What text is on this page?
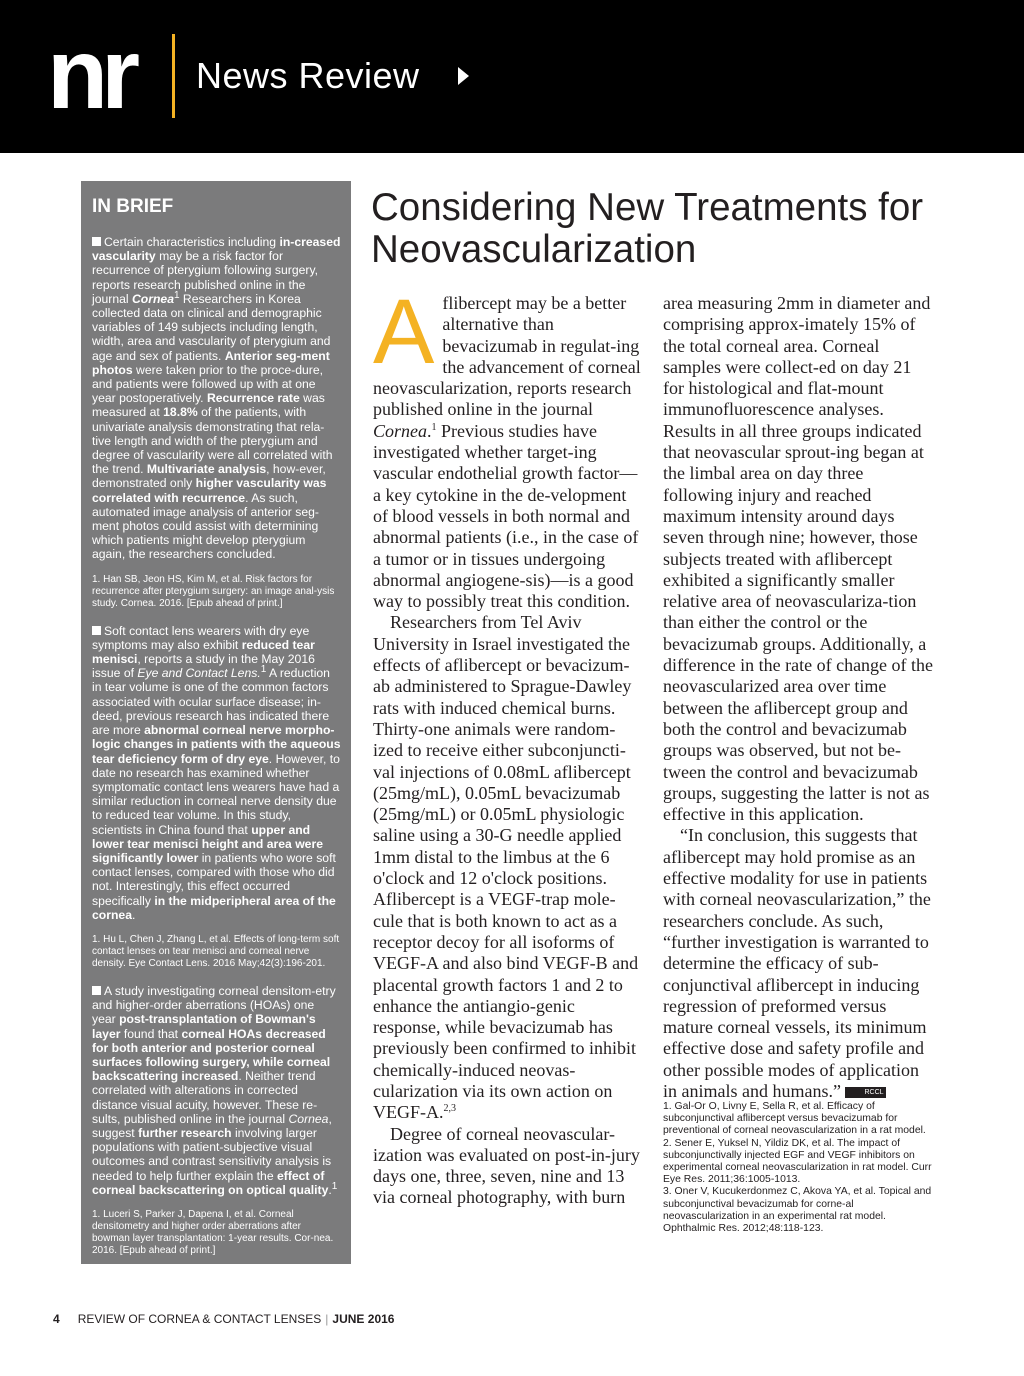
nr News Review
IN BRIEF

Certain characteristics including in-creased vascularity may be a risk factor for recurrence of pterygium following surgery, reports research published online in the journal Cornea$^1$ Researchers in Korea collected data on clinical and demographic variables of 149 subjects including length, width, area and vascularity of pterygium and age and sex of patients. Anterior seg-ment photos were taken prior to the proce-dure, and patients were followed up with at one year postoperatively. Recurrence rate was measured at 18.8% of the patients, with univariate analysis demonstrating that rela-tive length and width of the pterygium and degree of vascularity were all correlated with the trend. Multivariate analysis, how-ever, demonstrated only higher vascularity was correlated with recurrence. As such, automated image analysis of anterior seg-ment photos could assist with determining which patients might develop pterygium again, the researchers concluded.

1. Han SB, Jeon HS, Kim M, et al. Risk factors for recurrence after pterygium surgery: an image anal-ysis study. Cornea. 2016. [Epub ahead of print.]

Soft contact lens wearers with dry eye symptoms may also exhibit reduced tear menisci, reports a study in the May 2016 issue of Eye and Contact Lens.$^1$ A reduction in tear volume is one of the common factors associated with ocular surface disease; in-deed, previous research has indicated there are more abnormal corneal nerve morpho-logic changes in patients with the aqueous tear deficiency form of dry eye. However, to date no research has examined whether symptomatic contact lens wearers have had a similar reduction in corneal nerve density due to reduced tear volume. In this study, scientists in China found that upper and lower tear menisci height and area were significantly lower in patients who wore soft contact lenses, compared with those who did not. Interestingly, this effect occurred specifically in the midperipheral area of the cornea.

1. Hu L, Chen J, Zhang L, et al. Effects of long-term soft contact lenses on tear menisci and corneal nerve density. Eye Contact Lens. 2016 May;42(3):196-201.

A study investigating corneal densitom-etry and higher-order aberrations (HOAs) one year post-transplantation of Bowman's layer found that corneal HOAs decreased for both anterior and posterior corneal surfaces following surgery, while corneal backscattering increased. Neither trend correlated with alterations in corrected distance visual acuity, however. These re-sults, published online in the journal Cornea, suggest further research involving larger populations with patient-subjective visual outcomes and contrast sensitivity analysis is needed to help further explain the effect of corneal backscattering on optical quality.$^1$

1. Luceri S, Parker J, Dapena I, et al. Corneal densitometry and higher order aberrations after bowman layer transplantation: 1-year results. Cor-nea. 2016. [Epub ahead of print.]

Considering New Treatments for Neovascularization

Aflibercept may be a better alternative than bevacizumab in regulat-ing the advancement of corneal neovascularization, reports research published online in the journal Cornea.$^1$ Previous studies have investigated whether target-ing vascular endothelial growth factor—a key cytokine in the de-velopment of blood vessels in both normal and abnormal patients (i.e., in the case of a tumor or in tissues undergoing abnormal angiogene-sis)—is a good way to possibly treat this condition.

Researchers from Tel Aviv University in Israel investigated the effects of aflibercept or bevacizum-ab administered to Sprague-Dawley rats with induced chemical burns. Thirty-one animals were random-ized to receive either subconjuncti-val injections of 0.08mL aflibercept (25mg/mL), 0.05mL bevacizumab (25mg/mL) or 0.05mL physiologic saline using a 30-G needle applied 1mm distal to the limbus at the 6 o'clock and 12 o'clock positions. Aflibercept is a VEGF-trap mole-cule that is both known to act as a receptor decoy for all isoforms of VEGF-A and also bind VEGF-B and placental growth factors 1 and 2 to enhance the antiangio-genic response, while bevacizumab has previously been confirmed to inhibit chemically-induced neovas-cularization via its own action on VEGF-A.$^{2,3}$

Degree of corneal neovascular-ization was evaluated on post-in-jury days one, three, seven, nine and 13 via corneal photography, with burn

area measuring 2mm in diameter and comprising approx-imately 15% of the total corneal area. Corneal samples were collect-ed on day 21 for histological and flat-mount immunofluorescence analyses. Results in all three groups indicated that neovascular sprout-ing began at the limbal area on day three following injury and reached maximum intensity around days seven through nine; however, those subjects treated with aflibercept exhibited a significantly smaller relative area of neovasculariza-tion than either the control or the bevacizumab groups. Additionally, a difference in the rate of change of the neovascularized area over time between the aflibercept group and both the control and bevacizumab groups was observed, but not be-tween the control and bevacizumab groups, suggesting the latter is not as effective in this application.

“In conclusion, this suggests that aflibercept may hold promise as an effective modality for use in patients with corneal neovascularization,” the researchers conclude. As such, “further investigation is warranted to determine the efficacy of sub-conjunctival aflibercept in inducing regression of preformed versus mature corneal vessels, its minimum effective dose and safety profile and other possible modes of application in animals and humans.”	RCCL

1. Gal-Or O, Livny E, Sella R, et al. Efficacy of subconjunctival aflibercept versus bevacizumab for preventional of corneal neovascularization in a rat model.

2. Sener E, Yuksel N, Yildiz DK, et al. The impact of subconjunctivally injected EGF and VEGF inhibitors on experimental corneal neovascularization in rat model. Curr Eye Res. 2011;36:1005-1013.

3. Oner V, Kucukerdonmez C, Akova YA, et al. Topical and subconjunctival bevacizumab for corne-al neovascularization in an experimental rat model. Ophthalmic Res. 2012;48:118-123.

4 REVIEW OF CORNEA & CONTACT LENSES | JUNE 2016
